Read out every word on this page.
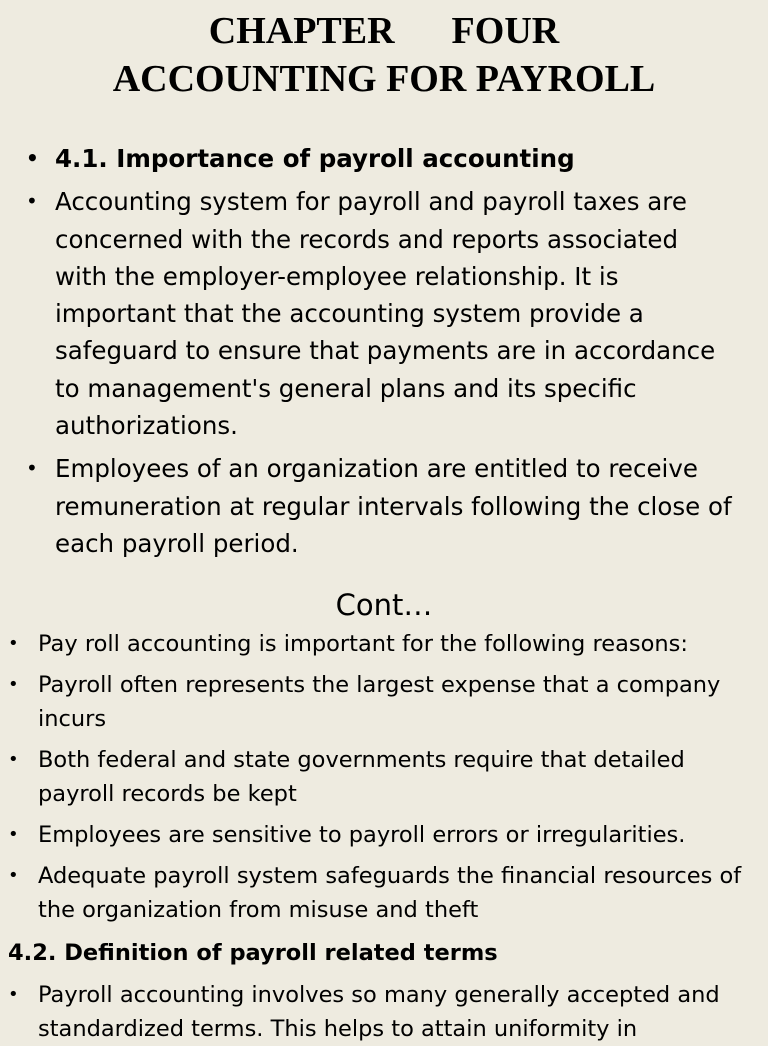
CHAPTER      FOUR
ACCOUNTING FOR PAYROLL
• 4.1. Importance of payroll accounting
• Accounting system for payroll and payroll taxes are concerned with the records and reports associated with the employer-employee relationship. It is important that the accounting system provide a safeguard to ensure that payments are in accordance to management's general plans and its specific authorizations.
• Employees of an organization are entitled to receive remuneration at regular intervals following the close of each payroll period.
Cont…
• Pay roll accounting is important for the following reasons:
• Payroll often represents the largest expense that a company incurs
• Both federal and state governments require that detailed payroll records be kept
• Employees are sensitive to payroll errors or irregularities.
• Adequate payroll system safeguards the financial resources of the organization from misuse and theft
4.2. Definition of payroll related terms
• Payroll accounting involves so many generally accepted and standardized terms. This helps to attain uniformity in
